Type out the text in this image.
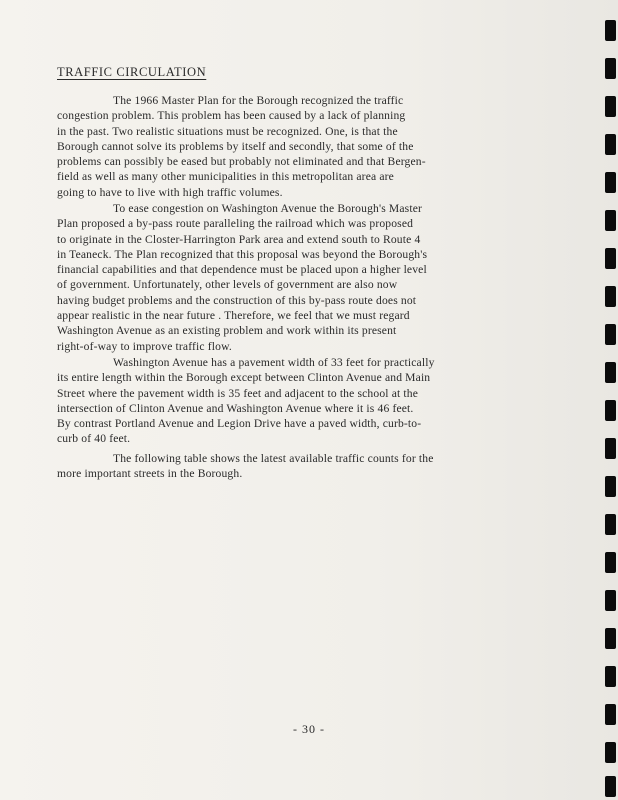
TRAFFIC CIRCULATION
The 1966 Master Plan for the Borough recognized the traffic
congestion problem. This problem has been caused by a lack of planning
in the past. Two realistic situations must be recognized. One, is that the
Borough cannot solve its problems by itself and secondly, that some of the
problems can possibly be eased but probably not eliminated and that Bergen-
field as well as many other municipalities in this metropolitan area are
going to have to live with high traffic volumes.
To ease congestion on Washington Avenue the Borough's Master
Plan proposed a by-pass route paralleling the railroad which was proposed
to originate in the Closter-Harrington Park area and extend south to Route 4
in Teaneck. The Plan recognized that this proposal was beyond the Borough's
financial capabilities and that dependence must be placed upon a higher level
of government. Unfortunately, other levels of government are also now
having budget problems and the construction of this by-pass route does not
appear realistic in the near future . Therefore, we feel that we must regard
Washington Avenue as an existing problem and work within its present
right-of-way to improve traffic flow.
Washington Avenue has a pavement width of 33 feet for practically
its entire length within the Borough except between Clinton Avenue and Main
Street where the pavement width is 35 feet and adjacent to the school at the
intersection of Clinton Avenue and Washington Avenue where it is 46 feet.
By contrast Portland Avenue and Legion Drive have a paved width, curb-to-
curb of 40 feet.
The following table shows the latest available traffic counts for the
more important streets in the Borough.
- 30 -
